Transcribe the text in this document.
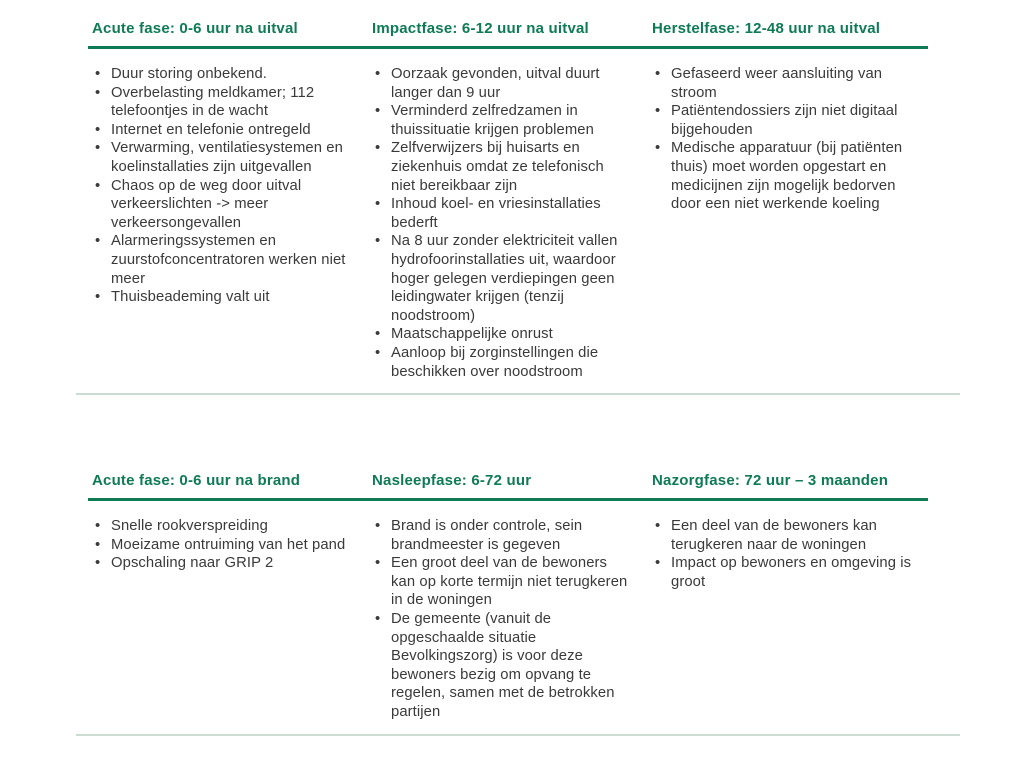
Acute fase: 0-6 uur na uitval
• Duur storing onbekend.
• Overbelasting meldkamer; 112 telefoontjes in de wacht
• Internet en telefonie ontregeld
• Verwarming, ventilatiesystemen en koelinstallaties zijn uitgevallen
• Chaos op de weg door uitval verkeerslichten -> meer verkeersongevallen
• Alarmeringssystemen en zuurstofconcentratoren werken niet meer
• Thuisbeademing valt uit
Impactfase: 6-12 uur na uitval
• Oorzaak gevonden, uitval duurt langer dan 9 uur
• Verminderd zelfredzamen in thuissituatie krijgen problemen
• Zelfverwijzers bij huisarts en ziekenhuis omdat ze telefonisch niet bereikbaar zijn
• Inhoud koel- en vriesinstallaties bederft
• Na 8 uur zonder elektriciteit vallen hydrofoorinstallaties uit, waardoor hoger gelegen verdiepingen geen leidingwater krijgen (tenzij noodstroom)
• Maatschappelijke onrust
• Aanloop bij zorginstellingen die beschikken over noodstroom
Herstelfase: 12-48 uur na uitval
• Gefaseerd weer aansluiting van stroom
• Patiëntendossiers zijn niet digitaal bijgehouden
• Medische apparatuur (bij patiënten thuis) moet worden opgestart en medicijnen zijn mogelijk bedorven door een niet werkende koeling
Acute fase: 0-6 uur na brand
• Snelle rookverspreiding
• Moeizame ontruiming van het pand
• Opschaling naar GRIP 2
Nasleepfase: 6-72 uur
• Brand is onder controle, sein brandmeester is gegeven
• Een groot deel van de bewoners kan op korte termijn niet terugkeren in de woningen
• De gemeente (vanuit de opgeschaalde situatie Bevolkingszorg) is voor deze bewoners bezig om opvang te regelen, samen met de betrokken partijen
Nazorgfase: 72 uur – 3 maanden
• Een deel van de bewoners kan terugkeren naar de woningen
• Impact op bewoners en omgeving is groot
